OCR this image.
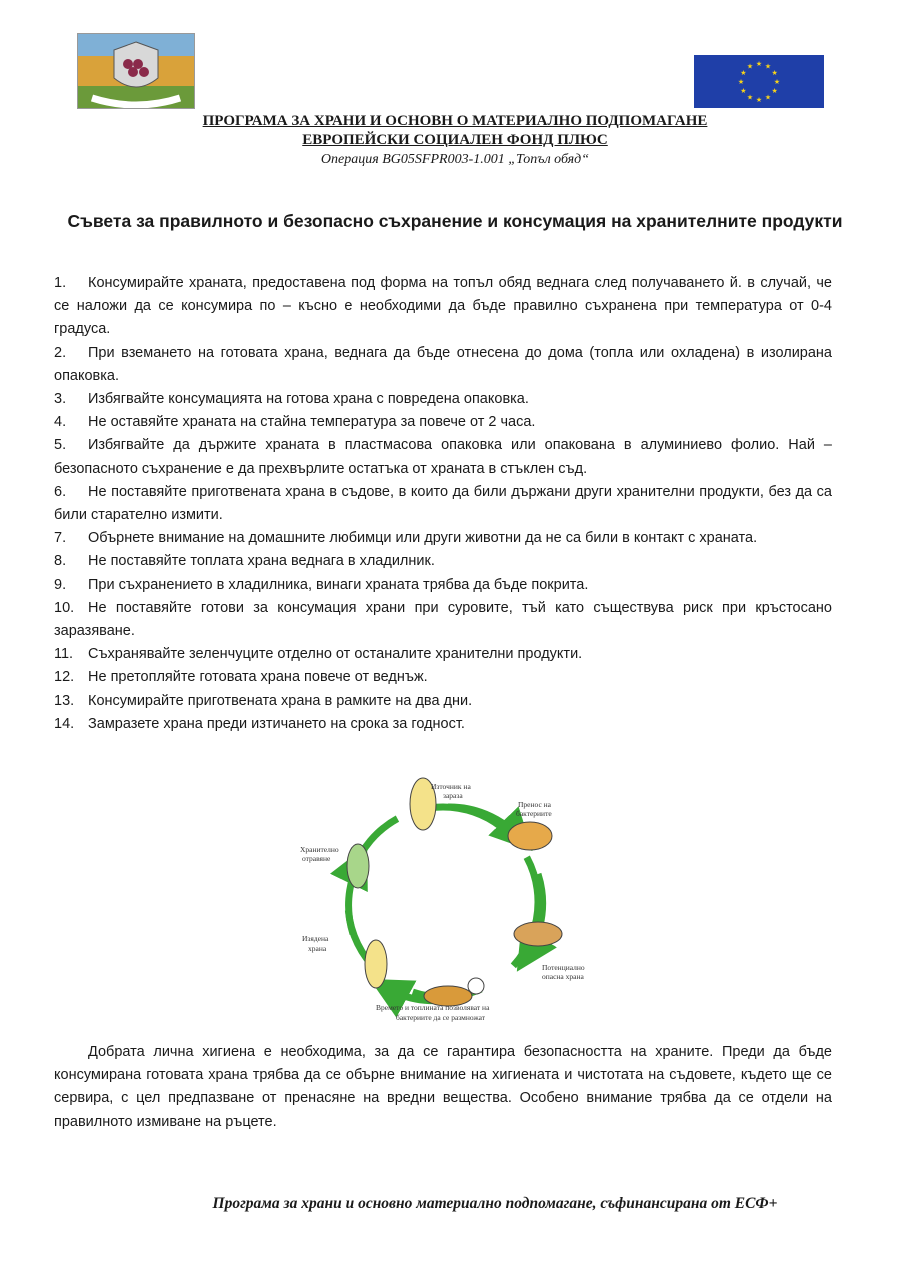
★
★
★
★
★
★
★
★
★ ★ ★
★
ПРОГРАМА ЗА ХРАНИ И ОСНОВН О МАТЕРИАЛНО ПОДПОМАГАНЕ
ЕВРОПЕЙСКИ СОЦИАЛЕН ФОНД ПЛЮС
Операция BG05SFPR003-1.001 „Топъл обяд“
Съвета за правилното и безопасно съхранение и консумация на хранителните продукти
1. Консумирайте храната, предоставена под форма на топъл обяд веднага след получаването й. в случай, че се наложи да се консумира по – късно е необходими да бъде правилно съхранена при температура от 0-4 градуса.
2. При вземането на готовата храна, веднага да бъде отнесена до дома (топла или охладена) в изолирана опаковка.
3. Избягвайте консумацията на готова храна с повредена опаковка.
4. Не оставяйте храната на стайна температура за повече от 2 часа.
5. Избягвайте да държите храната в пластмасова опаковка или опакована в алуминиево фолио. Най – безопасното съхранение е да прехвърлите остатъка от храната в стъклен съд.
6. Не поставяйте приготвената храна в съдове, в които да били държани други хранителни продукти, без да са били старателно измити.
7. Обърнете внимание на домашните любимци или други животни да не са били в контакт с храната.
8. Не поставяйте топлата храна веднага в хладилник.
9. При съхранението в хладилника, винаги храната трябва да бъде покрита.
10. Не поставяйте готови за консумация храни при суровите, тъй като съществува риск при кръстосано заразяване.
11. Съхранявайте зеленчуците отделно от останалите хранителни продукти.
12. Не претопляйте готовата храна повече от веднъж.
13. Консумирайте приготвената храна в рамките на два дни.
14. Замразете храна преди изтичането на срока за годност.
Източник на
зараза
Пренос на
бактериите
Потенциално
опасна храна
Времето и топлината позволяват на
бактериите да се размножат
Изядена
храна
Хранително
отравяне

Добрата лична хигиена е необходима, за да се гарантира безопасността на храните. Преди да бъде консумирана готовата храна трябва да се обърне внимание на хигиената и чистотата на съдовете, където ще се сервира, с цел предпазване от пренасяне на вредни вещества. Особено внимание трябва да се отдели на правилното измиване на ръцете.

Програма за храни и основно материално подпомагане, съфинансирана от ЕСФ+
